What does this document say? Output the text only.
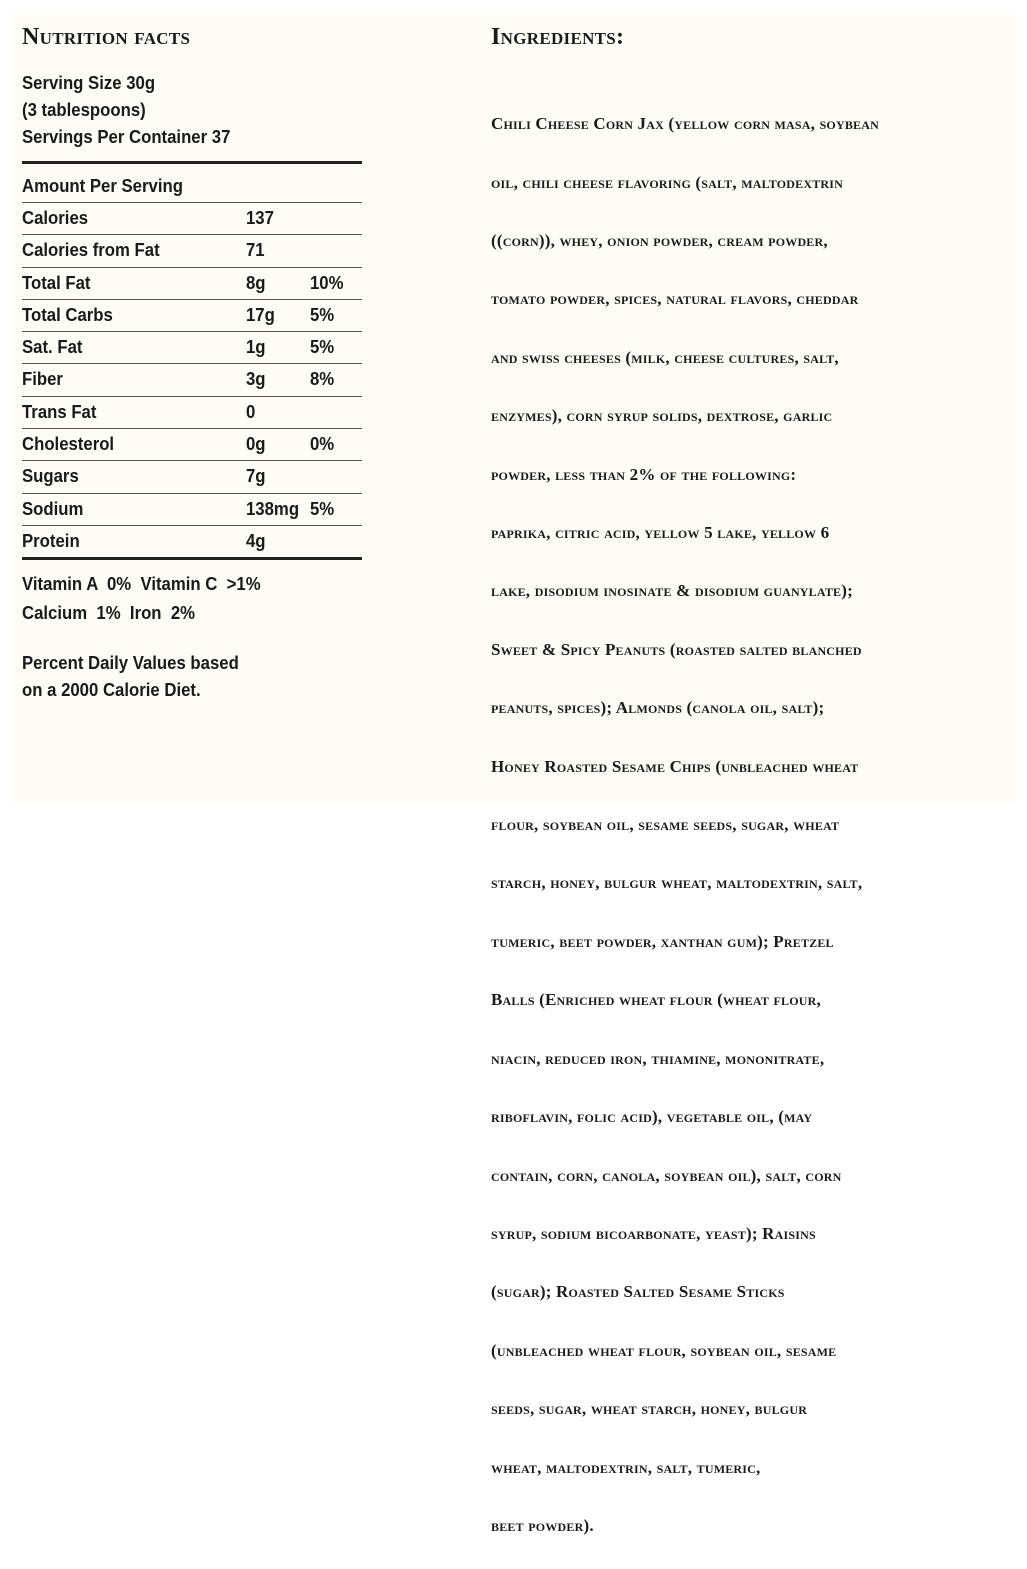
Nutrition facts
Serving Size 30g
(3 tablespoons)
Servings Per Container 37
Amount Per Serving
Calories	137
Calories from Fat	71
Total Fat	8g	10%
Total Carbs	17g	5%
Sat. Fat	1g	5%
Fiber	3g	8%
Trans Fat	0
Cholesterol	0g	0%
Sugars	7g
Sodium	138mg 5%
Protein	4g
Vitamin A  0%  Vitamin C  >1%
Calcium  1%  Iron  2%
Percent Daily Values based
on a 2000 Calorie Diet.
Ingredients:

Chili Cheese Corn Jax (yellow corn masa, soybean

oil, chili cheese flavoring (salt, maltodextrin

((corn)), whey, onion powder, cream powder,

tomato powder, spices, natural flavors, cheddar

and swiss cheeses (milk, cheese cultures, salt,

enzymes), corn syrup solids, dextrose, garlic

powder, less than 2% of the following:

paprika, citric acid, yellow 5 lake, yellow 6

lake, disodium inosinate & disodium guanylate);

Sweet & Spicy Peanuts (roasted salted blanched

peanuts, spices); Almonds (canola oil, salt);

Honey Roasted Sesame Chips (unbleached wheat

flour, soybean oil, sesame seeds, sugar, wheat

starch, honey, bulgur wheat, maltodextrin, salt,

tumeric, beet powder, xanthan gum); Pretzel

Balls (Enriched wheat flour (wheat flour,

niacin, reduced iron, thiamine, mononitrate,

riboflavin, folic acid), vegetable oil, (may

contain, corn, canola, soybean oil), salt, corn

syrup, sodium bicoarbonate, yeast); Raisins

(sugar); Roasted Salted Sesame Sticks

(unbleached wheat flour, soybean oil, sesame

seeds, sugar, wheat starch, honey, bulgur

wheat, maltodextrin, salt, tumeric,

beet powder).
